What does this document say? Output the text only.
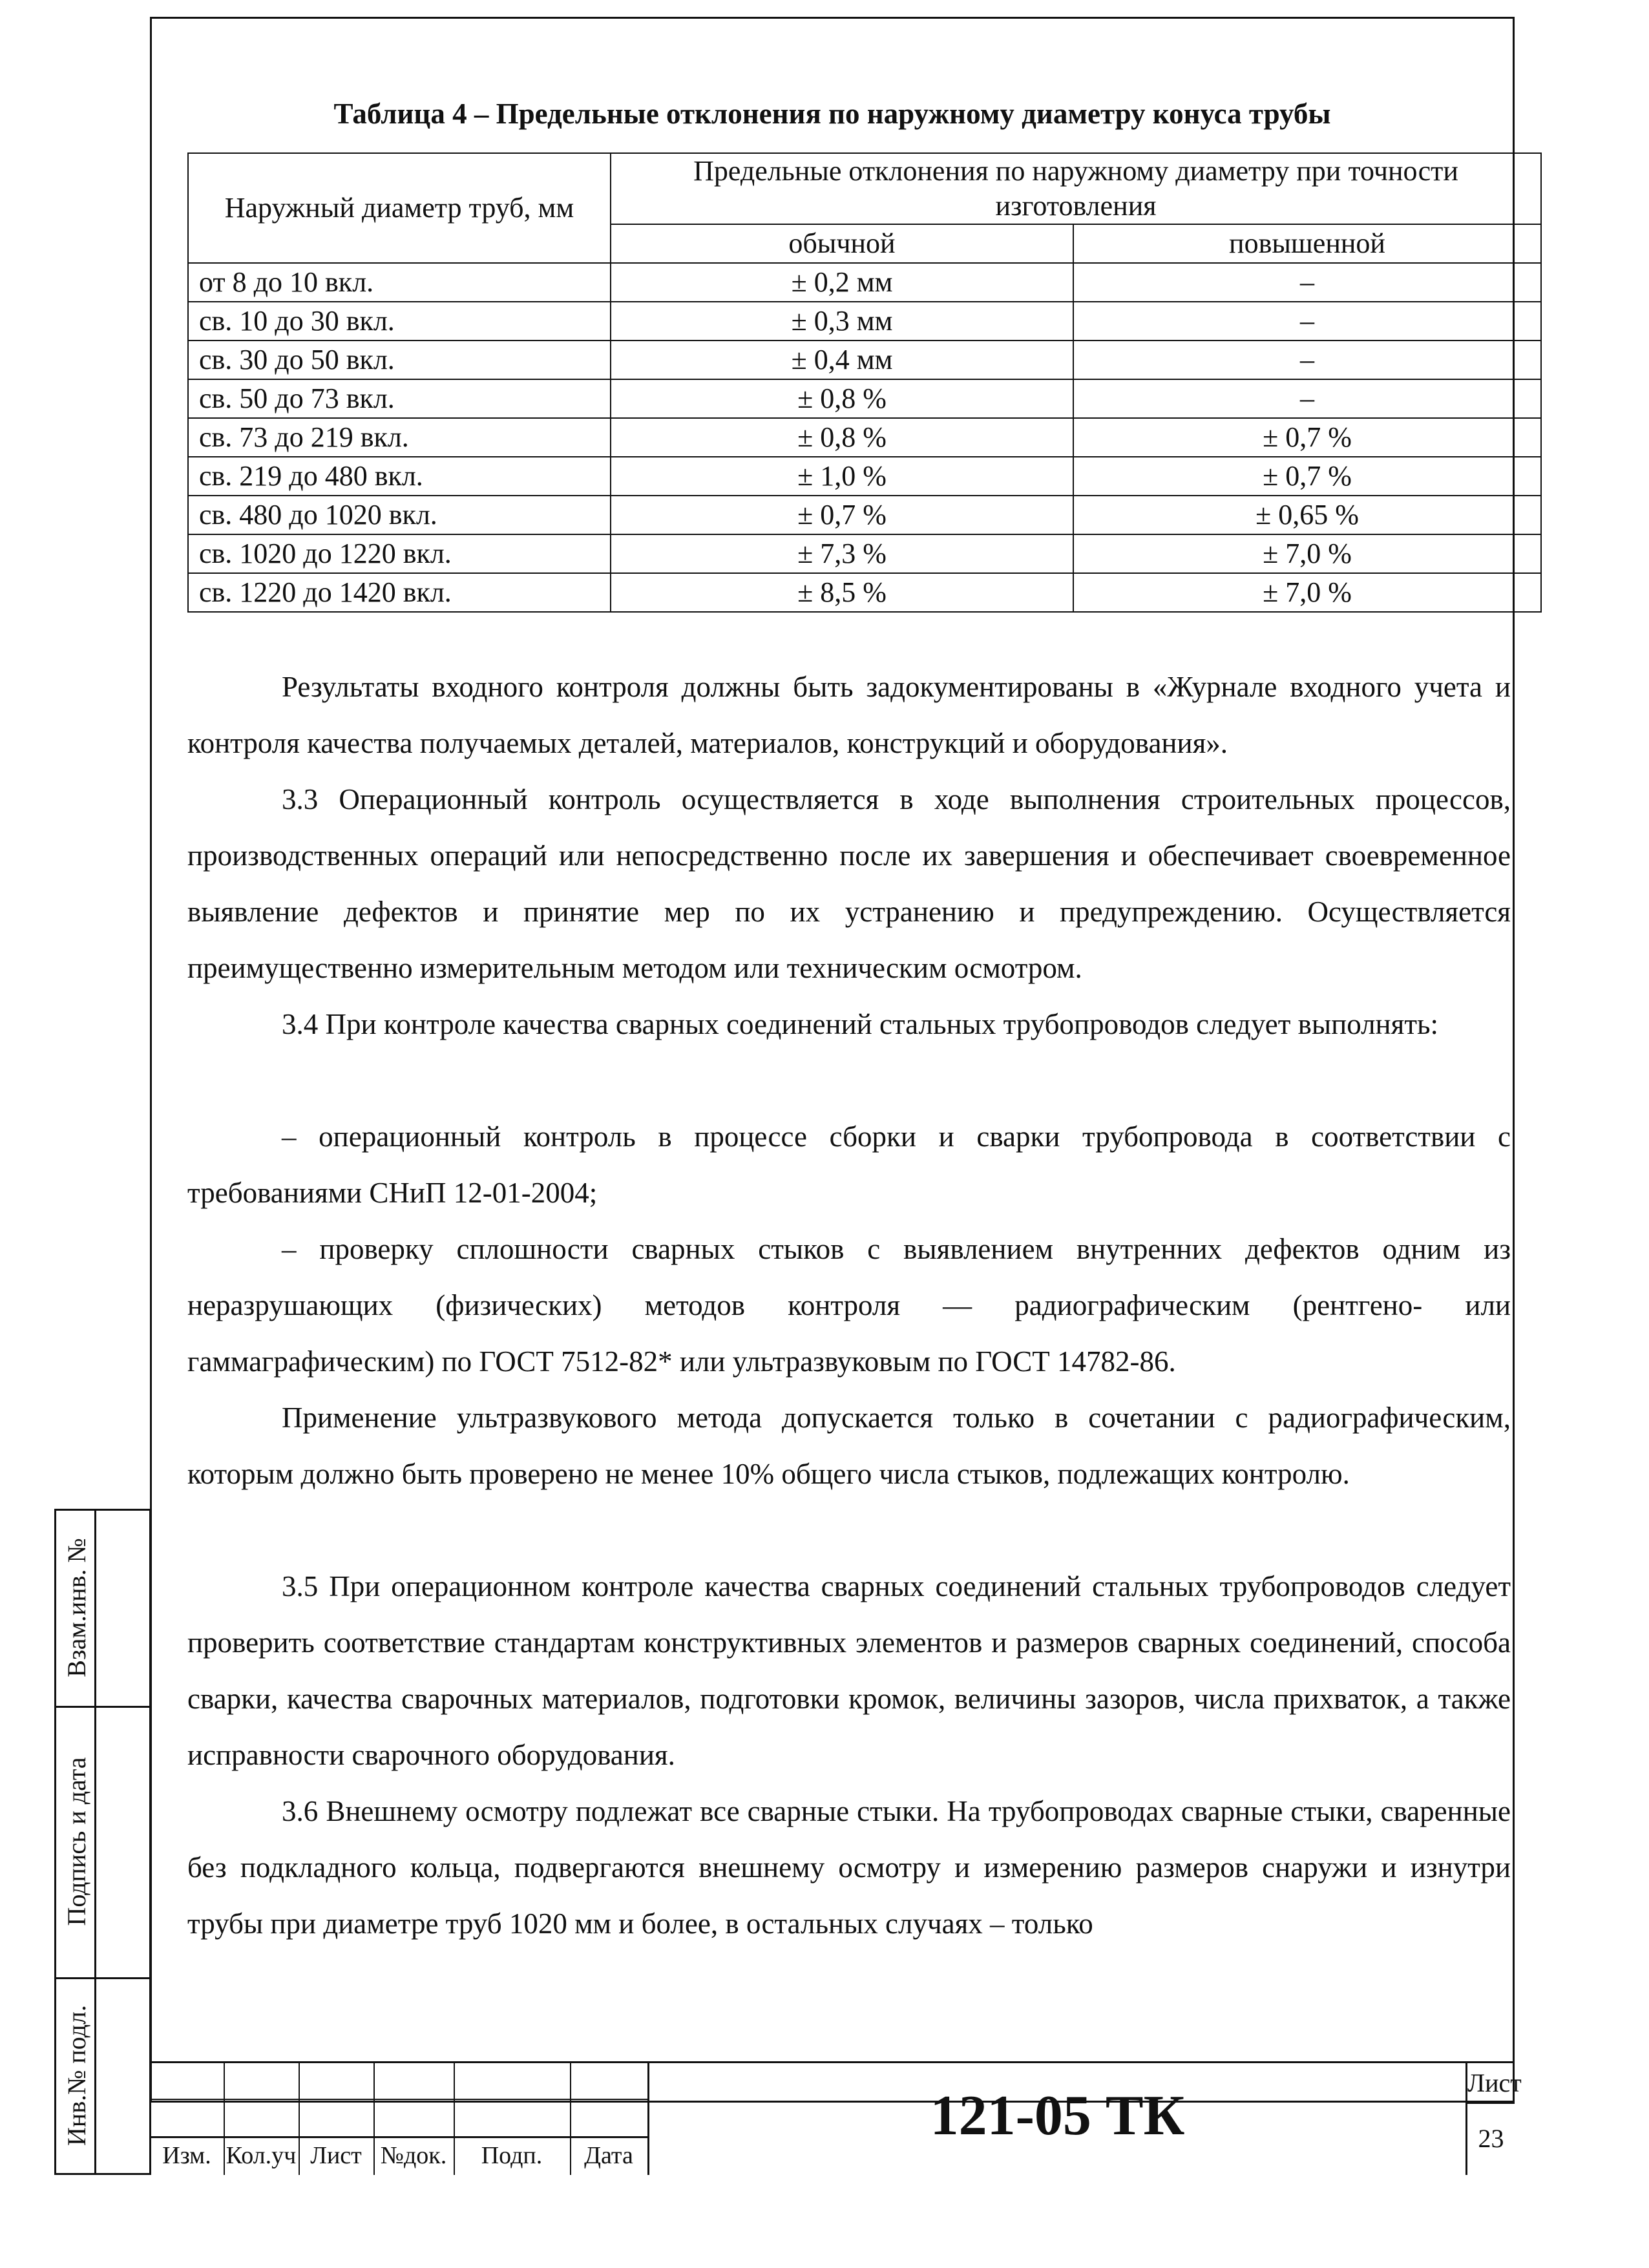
Таблица 4 – Предельные отклонения по наружному диаметру конуса трубы
Наружный диаметр труб, мм	Предельные отклонения по наружному диаметру при точности изготовления	
	обычной	повышенной
от 8 до 10 вкл.	± 0,2 мм	–
св. 10 до 30 вкл.	± 0,3 мм	–
св. 30 до 50 вкл.	± 0,4 мм	–
св. 50 до 73 вкл.	± 0,8 %	–
св. 73 до 219 вкл.	± 0,8 %	± 0,7 %
св. 219 до 480 вкл.	± 1,0 %	± 0,7 %
св. 480 до 1020 вкл.	± 0,7 %	± 0,65 %
св. 1020 до 1220 вкл.	± 7,3 %	± 7,0 %
св. 1220 до 1420 вкл.	± 8,5 %	± 7,0 %
Результаты входного контроля должны быть задокументированы в «Журнале входного учета и контроля качества получаемых деталей, материалов, конструкций и оборудования».
3.3 Операционный контроль осуществляется в ходе выполнения строительных процессов, производственных операций или непосредственно после их завершения и обеспечивает своевременное выявление дефектов и принятие мер по их устранению и предупреждению. Осуществляется преимущественно измерительным методом или техническим осмотром.
3.4 При контроле качества сварных соединений стальных трубопроводов следует выполнять:
– операционный контроль в процессе сборки и сварки трубопровода в соответствии с требованиями СНиП 12-01-2004;
– проверку сплошности сварных стыков с выявлением внутренних дефектов одним из неразрушающих (физических) методов контроля — радиографическим (рентгено- или гаммаграфическим) по ГОСТ 7512-82* или ультразвуковым по ГОСТ 14782-86.
Применение ультразвукового метода допускается только в сочетании с радиографическим, которым должно быть проверено не менее 10% общего числа стыков, подлежащих контролю.
3.5 При операционном контроле качества сварных соединений стальных трубопроводов следует проверить соответствие стандартам конструктивных элементов и размеров сварных соединений, способа сварки, качества сварочных материалов, подготовки кромок, величины зазоров, числа прихваток, а также исправности сварочного оборудования.
3.6 Внешнему осмотру подлежат все сварные стыки. На трубопроводах сварные стыки, сваренные без подкладного кольца, подвергаются внешнему осмотру и измерению размеров снаружи и изнутри трубы при диаметре труб 1020 мм и более, в остальных случаях – только
Взам.инв. №
Подпись и дата
Инв.№ подл.
Изм. Кол.уч Лист №док.	Подп.	Дата
121-05 ТК
Лист
23
